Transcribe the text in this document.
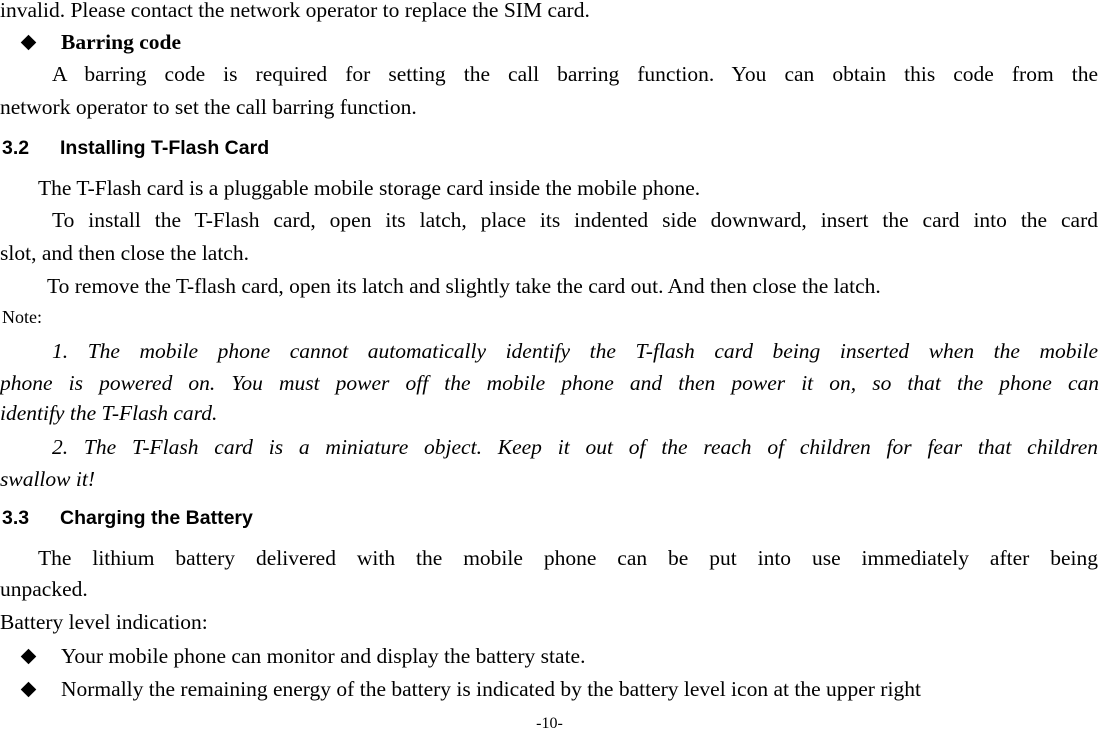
invalid. Please contact the network operator to replace the SIM card.
Barring code
A barring code is required for setting the call barring function. You can obtain this code from the
network operator to set the call barring function.
3.2 Installing T-Flash Card
The T-Flash card is a pluggable mobile storage card inside the mobile phone.
To install the T-Flash card, open its latch, place its indented side downward, insert the card into the card
slot, and then close the latch.
To remove the T-flash card, open its latch and slightly take the card out. And then close the latch.
Note:
1. The mobile phone cannot automatically identify the T-flash card being inserted when the mobile
phone is powered on. You must power off the mobile phone and then power it on, so that the phone can
identify the T-Flash card.
2. The T-Flash card is a miniature object. Keep it out of the reach of children for fear that children
swallow it!
3.3 Charging the Battery
The lithium battery delivered with the mobile phone can be put into use immediately after being
unpacked.
Battery level indication:
Your mobile phone can monitor and display the battery state.
Normally the remaining energy of the battery is indicated by the battery level icon at the upper right
-10-
